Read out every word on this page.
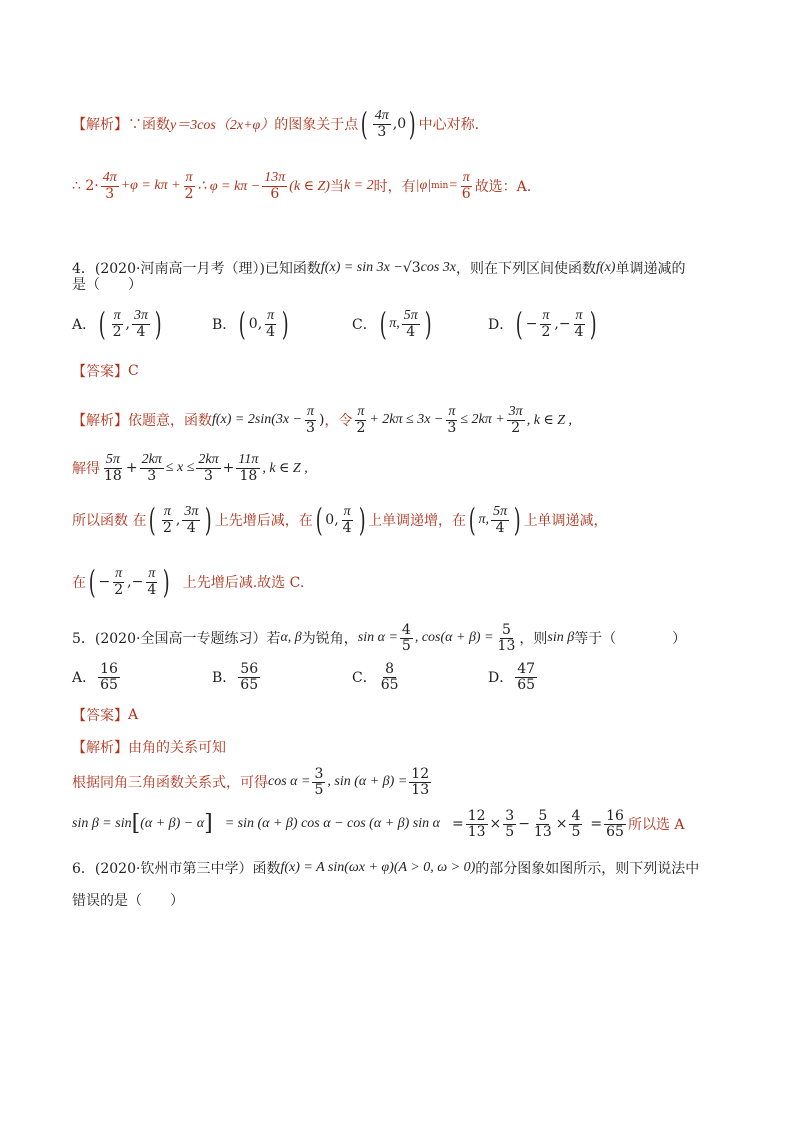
【解析】 ∵函数 y＝3cos（2x+φ） 的图象关于点 ( $\frac{4\pi}{3} ,0$ ) 中心对称.
∴ $2\cdot \frac{4\pi}{3} +\varphi = k\pi + \frac{\pi}{2}$ ∴ $\varphi = k\pi - \frac{13\pi}{6} (k$ ∈ Z) 当 k = 2 时，有 |φ| $\min = \frac{\pi}{6}$ 故选：A.
4．(2020·河南高一月考（理）)已知函数 f(x) = sin 3x − √3 cos 3x ，则在下列区间使函数 f(x) 单调递减的
是（　　）
A． ( $\frac{\pi}{2}$ , $\frac{3\pi}{4}$ )	B． ( 0, $\frac{\pi}{4}$ )	C． ( π, $\frac{5\pi}{4}$ )	D． ( − $\frac{\pi}{2}$ ,− $\frac{\pi}{4}$ )
【答案】 C
【解析】 依题意，函数 $f(x) = 2\sin(3x - \frac{\pi}{3}$ ) ，令 $\frac{\pi}{2} + 2k\pi \le 3x - \frac{\pi}{3} \le 2k\pi + \frac{3\pi}{2}$ , k ∈ Z ,
解得 $\frac{5\pi}{18} + \frac{2k\pi}{3} \le x \le \frac{2k\pi}{3} + \frac{11\pi}{18}$ , k ∈ Z ,
所以函数 在 ( $\frac{\pi}{2}$ , $\frac{3\pi}{4}$ ) 上先增后减，在 ( 0, $\frac{\pi}{4}$ ) 上单调递增，在 ( π, $\frac{5\pi}{4}$ ) 上单调递减，
在 ( − $\frac{\pi}{2}$ ,− $\frac{\pi}{4}$ ) 上先增后减.故选 C.
5．(2020·全国高一专题练习）若 α, β 为锐角， $\sin \alpha = \frac{4}{5}$ , $\cos(\alpha + \beta) = \frac{5}{13}$ ，则 sin β 等于（　　　　）
A． $\frac{16}{65}$	B． $\frac{56}{65}$	C． $\frac{8}{65}$	D． $\frac{47}{65}$
【答案】 A
【解析】 由角的关系可知
根据同角三角函数关系式，可得 $\cos \alpha = \frac{3}{5}$ , $\sin (\alpha + \beta) = \frac{12}{13}$
sin β = sin [ (α + β) − α ] = sin (α + β) cos α − cos (α + β) $\sin \alpha = \frac{12}{13} \times \frac{3}{5} - \frac{5}{13} \times \frac{4}{5} = \frac{16}{65}$ 所以选 A
6．(2020·钦州市第三中学）函数 f(x) = A sin(ωx + φ)(A > 0, ω > 0) 的部分图象如图所示，则下列说法中
错误的是（　　）
